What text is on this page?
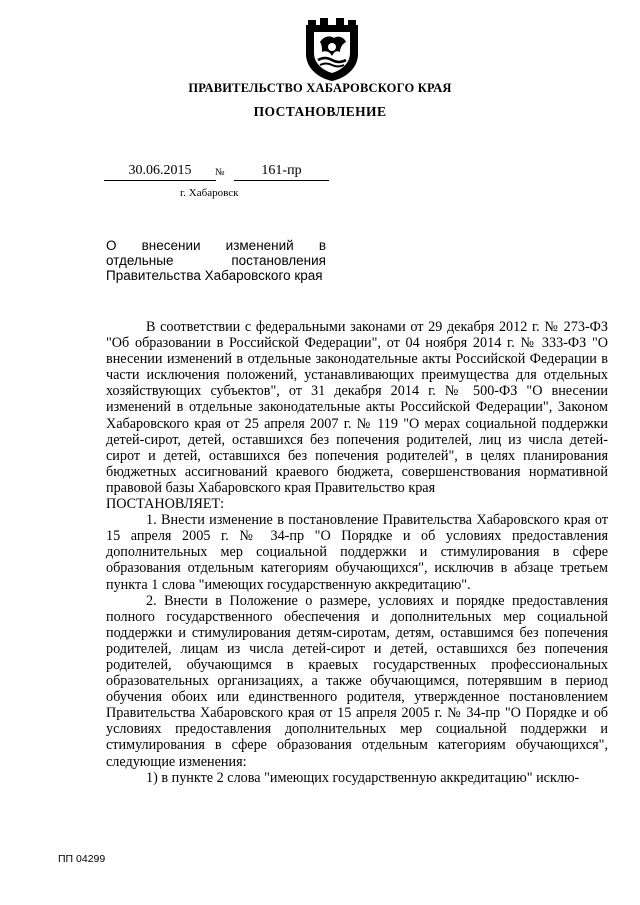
ПРАВИТЕЛЬСТВО ХАБАРОВСКОГО КРАЯ
ПОСТАНОВЛЕНИЕ
30.06.2015	№	161-пр
г. Хабаровск
О внесении изменений в отдельные постановления Правительства Хабаровского края

В соответствии с федеральными законами от 29 декабря 2012 г. № 273-ФЗ "Об образовании в Российской Федерации", от 04 ноября 2014 г. № 333-ФЗ "О внесении изменений в отдельные законодательные акты Российской Федерации в части исключения положений, устанавливающих преимущества для отдельных хозяйствующих субъектов", от 31 декабря 2014 г. № 500-ФЗ "О внесении изменений в отдельные законодательные акты Российской Федерации", Законом Хабаровского края от 25 апреля 2007 г. № 119 "О мерах социальной поддержки детей-сирот, детей, оставшихся без попечения родителей, лиц из числа детей-сирот и детей, оставшихся без попечения родителей", в целях планирования бюджетных ассигнований краевого бюджета, совершенствования нормативной правовой базы Хабаровского края Правительство края

ПОСТАНОВЛЯЕТ:

1. Внести изменение в постановление Правительства Хабаровского края от 15 апреля 2005 г. № 34-пр "О Порядке и об условиях предоставления дополнительных мер социальной поддержки и стимулирования в сфере образования отдельным категориям обучающихся", исключив в абзаце третьем пункта 1 слова "имеющих государственную аккредитацию".

2. Внести в Положение о размере, условиях и порядке предоставления полного государственного обеспечения и дополнительных мер социальной поддержки и стимулирования детям-сиротам, детям, оставшимся без попечения родителей, лицам из числа детей-сирот и детей, оставшихся без попечения родителей, обучающимся в краевых государственных профессиональных образовательных организациях, а также обучающимся, потерявшим в период обучения обоих или единственного родителя, утвержденное постановлением Правительства Хабаровского края от 15 апреля 2005 г. № 34-пр "О Порядке и об условиях предоставления дополнительных мер социальной поддержки и стимулирования в сфере образования отдельным категориям обучающихся", следующие изменения:

1) в пункте 2 слова "имеющих государственную аккредитацию" исклю-

ПП 04299
